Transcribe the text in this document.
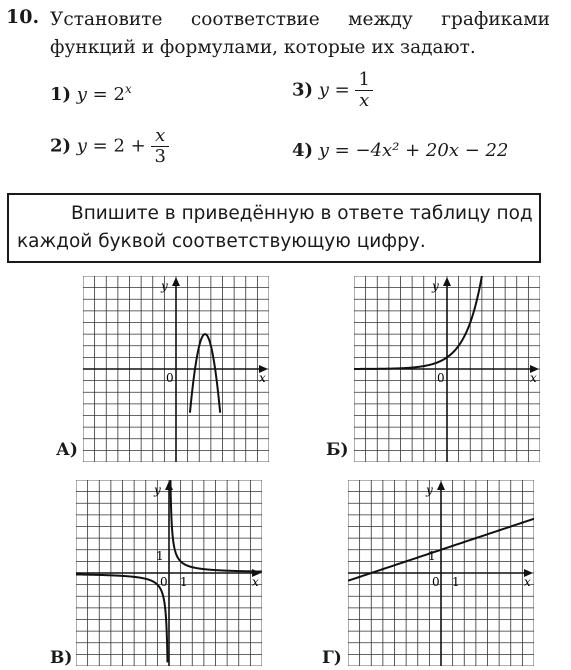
10. Установите соответствие между графиками функций и формулами, которые их задают.
1) $y = 2^x$	3) $y = \frac{1}{x}$
2) $y = 2 + \frac{x}{3}$	4) y = −4x² + 20x − 22
Впишите в приведённую в ответе таблицу под
каждой буквой соответствующую цифру.
А)
x
y
0
Б)
x
y
0
В)
x
y
0 1
1
Г)
x
y
0 1
1
